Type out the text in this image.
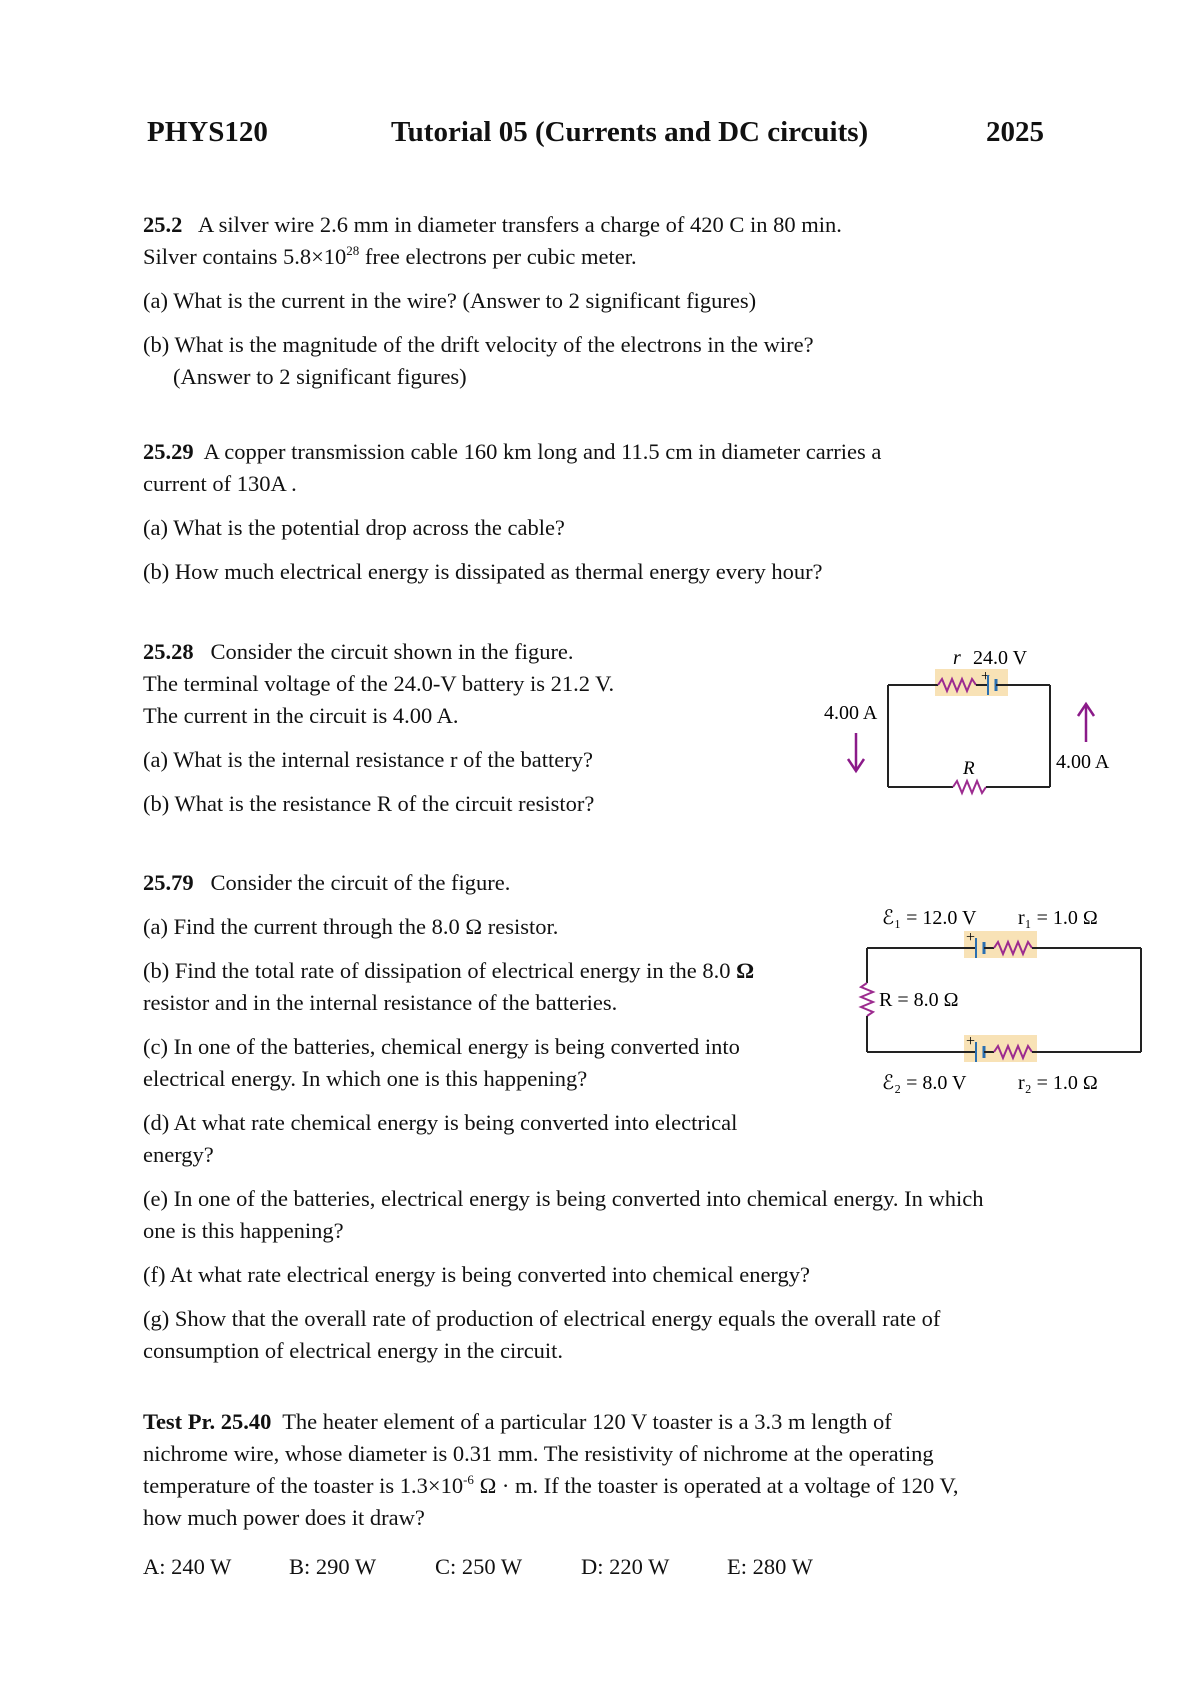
PHYS120	Tutorial 05 (Currents and DC circuits)	2025

25.2 A silver wire 2.6 mm in diameter transfers a charge of 420 C in 80 min.

Silver contains $5.8\times 10^{28}$ free electrons per cubic meter.

(a) What is the current in the wire? (Answer to 2 significant figures)

(b) What is the magnitude of the drift velocity of the electrons in the wire?

(Answer to 2 significant figures)

25.29 A copper transmission cable 160 km long and 11.5 cm in diameter carries a

current of 130A .

(a) What is the potential drop across the cable?

(b) How much electrical energy is dissipated as thermal energy every hour?

25.28 Consider the circuit shown in the figure.

The terminal voltage of the 24.0-V battery is 21.2 V.

The current in the circuit is 4.00 A.

(a) What is the internal resistance r of the battery?

(b) What is the resistance R of the circuit resistor?

r 24.0 V
+
R
4.00 A
4.00 A

25.79 Consider the circuit of the figure.

(a) Find the current through the 8.0 Ω resistor.

(b) Find the total rate of dissipation of electrical energy in the 8.0 Ω

resistor and in the internal resistance of the batteries.

(c) In one of the batteries, chemical energy is being converted into

electrical energy. In which one is this happening?

(d) At what rate chemical energy is being converted into electrical

energy?

(e) In one of the batteries, electrical energy is being converted into chemical energy. In which

one is this happening?

(f) At what rate electrical energy is being converted into chemical energy?

(g) Show that the overall rate of production of electrical energy equals the overall rate of

consumption of electrical energy in the circuit.

ℰ₁ = 12.0 V r₁ = 1.0 Ω
+
R = 8.0 Ω
+
ℰ₂ = 8.0 V	r₂ = 1.0 Ω

Test Pr. 25.40 The heater element of a particular 120 V toaster is a 3.3 m length of

nichrome wire, whose diameter is 0.31 mm. The resistivity of nichrome at the operating

temperature of the toaster is $1.3\times 10^{-6}$ Ω · m. If the toaster is operated at a voltage of 120 V,

how much power does it draw?

A: 240 W	B: 290 W	C: 250 W	D: 220 W	E: 280 W
